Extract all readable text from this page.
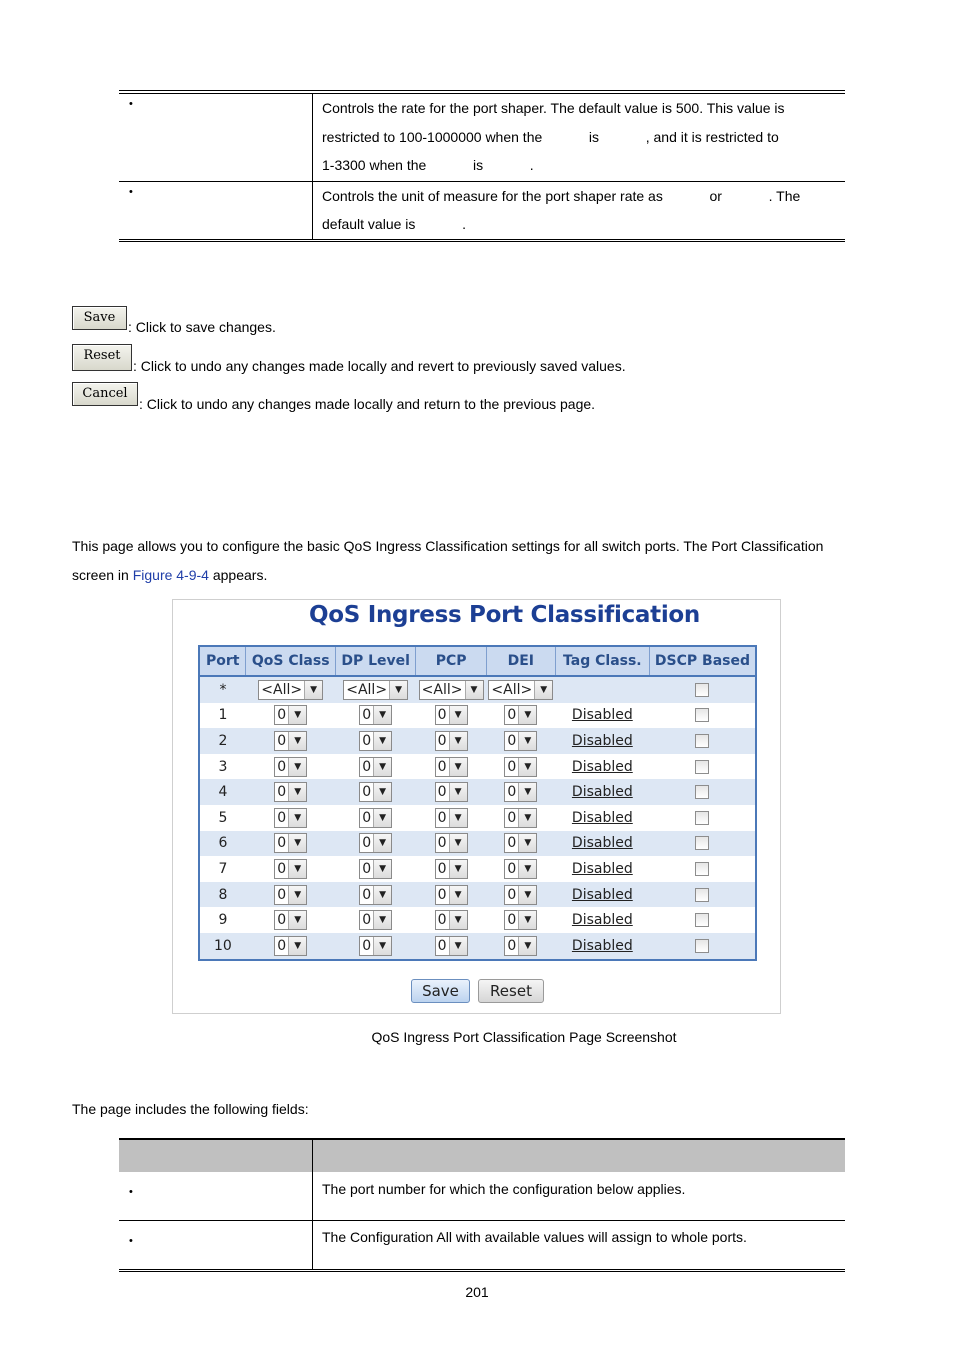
•	Controls the rate for the port shaper. The default value is 500. This value is
restricted to 100-1000000 when the            is            , and it is restricted to
1-3300 when the            is            .

•	Controls the unit of measure for the port shaper rate as            or            . The
default value is            .
Save
: Click to save changes.
Reset
: Click to undo any changes made locally and revert to previously saved values.
Cancel
: Click to undo any changes made locally and return to the previous page.
This page allows you to configure the basic QoS Ingress Classification settings for all switch ports. The Port Classification
screen in Figure 4-9-4 appears.
QoS Ingress Port Classification
Port	QoS Class	DP Level	PCP	DEI	Tag Class.	DSCP Based
*	<All> ▼	<All> ▼	<All> ▼	<All> ▼		

1	0 ▼	0 ▼	0 ▼	0 ▼	Disabled	
2	0 ▼	0 ▼	0 ▼	0 ▼	Disabled	
3	0 ▼	0 ▼	0 ▼	0 ▼	Disabled	
4	0 ▼	0 ▼	0 ▼	0 ▼	Disabled	
5	0 ▼	0 ▼	0 ▼	0 ▼	Disabled	
6	0 ▼	0 ▼	0 ▼	0 ▼	Disabled	
7	0 ▼	0 ▼	0 ▼	0 ▼	Disabled	
8	0 ▼	0 ▼	0 ▼	0 ▼	Disabled	
9	0 ▼	0 ▼	0 ▼	0 ▼	Disabled	
10	0 ▼	0 ▼	0 ▼	0 ▼	Disabled	
Save	Reset
QoS Ingress Port Classification Page Screenshot
The page includes the following fields:

•	The port number for which the configuration below applies.
•	The Configuration All with available values will assign to whole ports.
201
